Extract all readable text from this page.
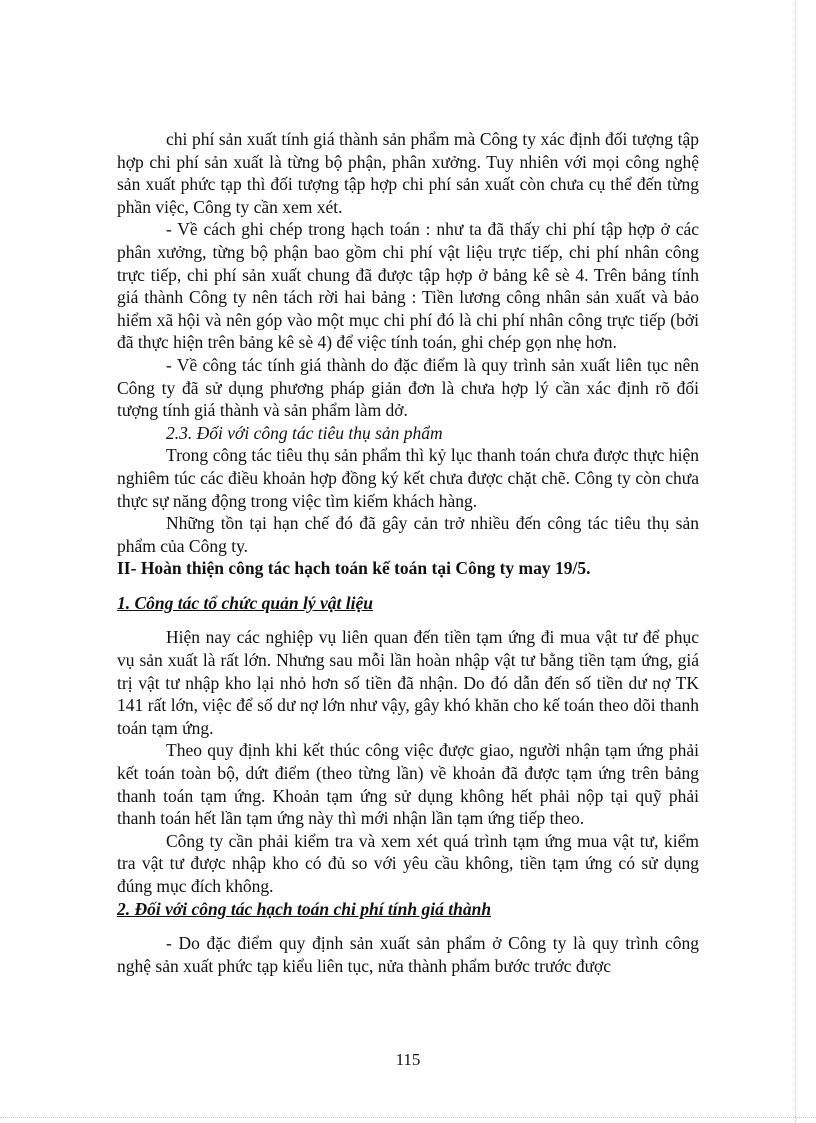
chi phí sản xuất tính giá thành sản phẩm mà Công ty xác định đối tượng tập hợp chi phí sản xuất là từng bộ phận, phân xưởng. Tuy nhiên với mọi công nghệ sản xuất phức tạp thì đối tượng tập hợp chi phí sản xuất còn chưa cụ thể đến từng phần việc, Công ty cần xem xét.

- Về cách ghi chép trong hạch toán : như ta đã thấy chi phí tập hợp ở các phân xưởng, từng bộ phận bao gồm chi phí vật liệu trực tiếp, chi phí nhân công trực tiếp, chi phí sản xuất chung đã được tập hợp ở bảng kê sè 4. Trên bảng tính giá thành Công ty nên tách rời hai bảng : Tiền lương công nhân sản xuất và bảo hiểm xã hội và nên góp vào một mục chi phí đó là chi phí nhân công trực tiếp (bởi đã thực hiện trên bảng kê sè 4) để việc tính toán, ghi chép gọn nhẹ hơn.

- Về công tác tính giá thành do đặc điểm là quy trình sản xuất liên tục nên Công ty đã sử dụng phương pháp giản đơn là chưa hợp lý cần xác định rõ đối tượng tính giá thành và sản phẩm làm dở.

2.3. Đối với công tác tiêu thụ sản phẩm

Trong công tác tiêu thụ sản phẩm thì kỷ lục thanh toán chưa được thực hiện nghiêm túc các điều khoản hợp đồng ký kết chưa được chặt chẽ. Công ty còn chưa thực sự năng động trong việc tìm kiếm khách hàng.

Những tồn tại hạn chế đó đã gây cản trở nhiều đến công tác tiêu thụ sản phẩm của Công ty.

II- Hoàn thiện công tác hạch toán kế toán tại Công ty may 19/5.

1. Công tác tổ chức quản lý vật liệu

Hiện nay các nghiệp vụ liên quan đến tiền tạm ứng đi mua vật tư để phục vụ sản xuất là rất lớn. Nhưng sau mỗi lần hoàn nhập vật tư bằng tiền tạm ứng, giá trị vật tư nhập kho lại nhỏ hơn số tiền đã nhận. Do đó dẫn đến số tiền dư nợ TK 141 rất lớn, việc để số dư nợ lớn như vậy, gây khó khăn cho kế toán theo dõi thanh toán tạm ứng.

Theo quy định khi kết thúc công việc được giao, người nhận tạm ứng phải kết toán toàn bộ, dứt điểm (theo từng lần) về khoản đã được tạm ứng trên bảng thanh toán tạm ứng. Khoản tạm ứng sử dụng không hết phải nộp tại quỹ phải thanh toán hết lần tạm ứng này thì mới nhận lần tạm ứng tiếp theo.

Công ty cần phải kiểm tra và xem xét quá trình tạm ứng mua vật tư, kiểm tra vật tư được nhập kho có đủ so với yêu cầu không, tiền tạm ứng có sử dụng đúng mục đích không.

2. Đối với công tác hạch toán chi phí tính giá thành

- Do đặc điểm quy định sản xuất sản phẩm ở Công ty là quy trình công nghệ sản xuất phức tạp kiểu liên tục, nửa thành phẩm bước trước được

115
